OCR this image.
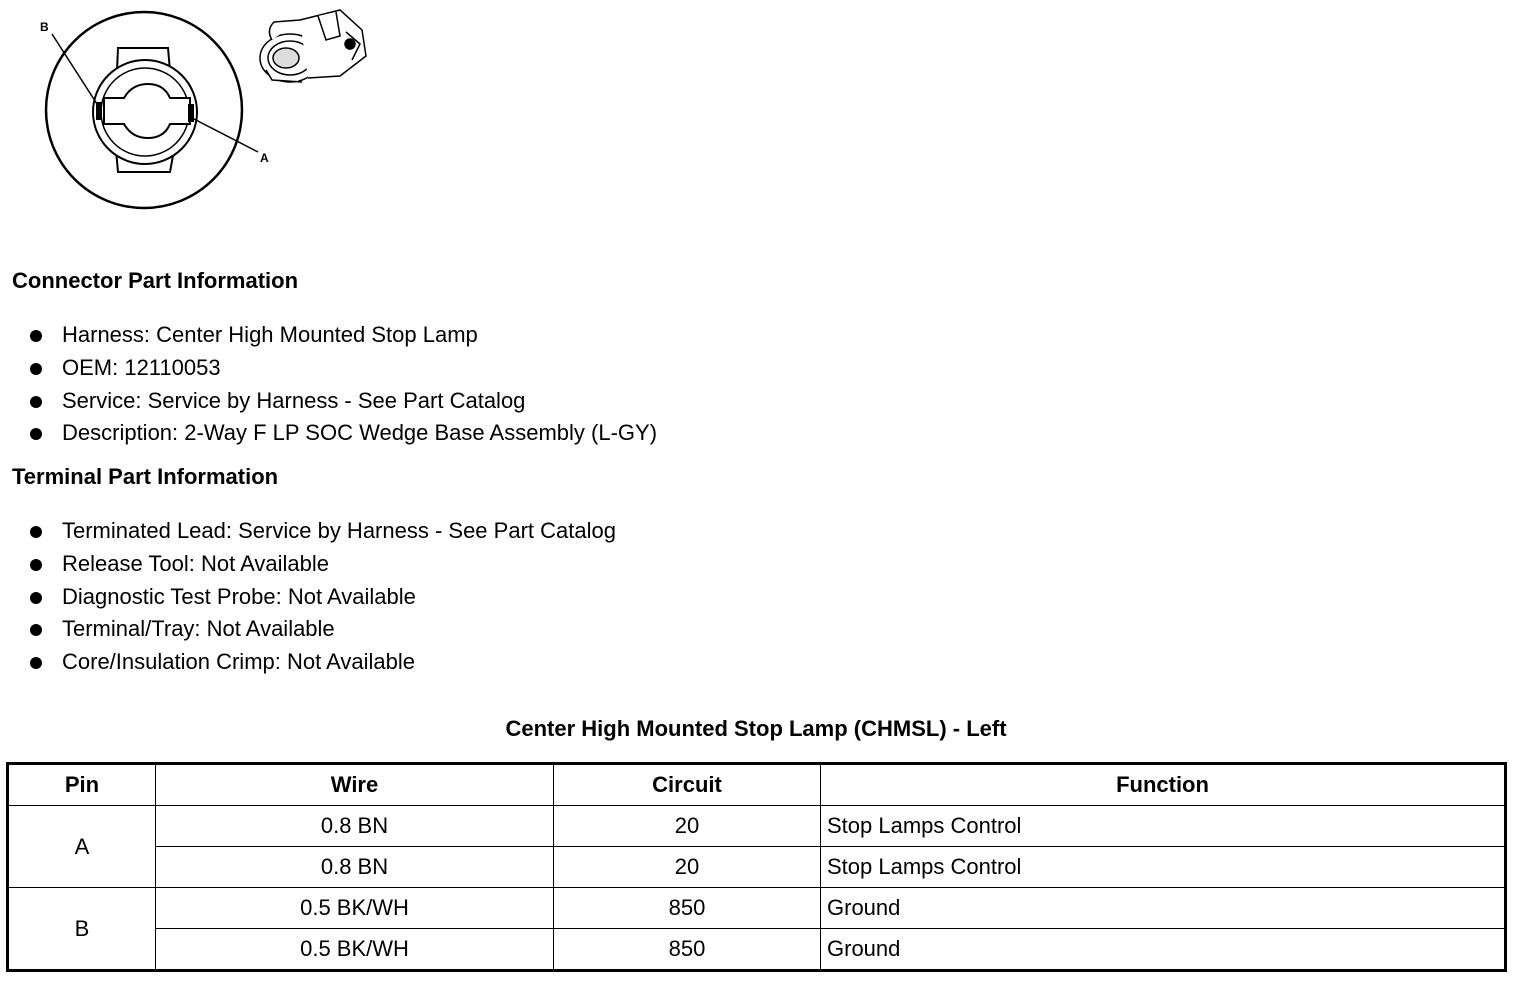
B
A
Connector Part Information
Harness: Center High Mounted Stop Lamp
OEM: 12110053
Service: Service by Harness - See Part Catalog
Description: 2-Way F LP SOC Wedge Base Assembly (L-GY)
Terminal Part Information
Terminated Lead: Service by Harness - See Part Catalog
Release Tool: Not Available
Diagnostic Test Probe: Not Available
Terminal/Tray: Not Available
Core/Insulation Crimp: Not Available
Center High Mounted Stop Lamp (CHMSL) - Left
Pin	Wire	Circuit	Function
A	0.8 BN	20	Stop Lamps Control
	0.8 BN	20	Stop Lamps Control
B	0.5 BK/WH	850	Ground
	0.5 BK/WH	850	Ground
